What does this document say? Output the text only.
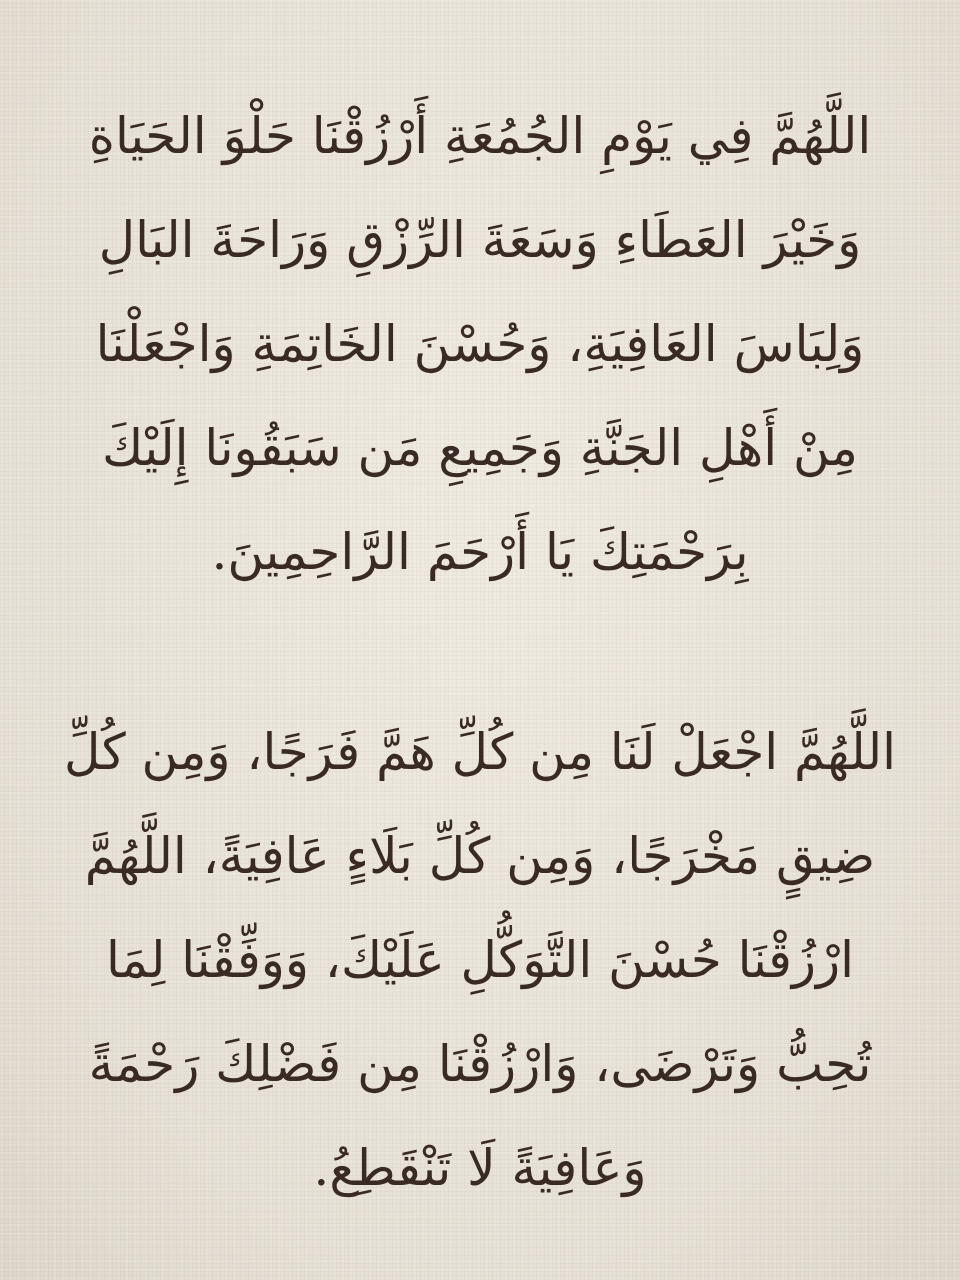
اللَّهُمَّ فِي يَوْمِ الجُمُعَةِ أَرْزُقْنَا حَلْوَ الحَيَاةِ
وَخَيْرَ العَطَاءِ وَسَعَةَ الرِّزْقِ وَرَاحَةَ البَالِ
وَلِبَاسَ العَافِيَةِ، وَحُسْنَ الخَاتِمَةِ وَاجْعَلْنَا
مِنْ أَهْلِ الجَنَّةِ وَجَمِيعِ مَن سَبَقُونَا إِلَيْكَ
بِرَحْمَتِكَ يَا أَرْحَمَ الرَّاحِمِينَ.
اللَّهُمَّ اجْعَلْ لَنَا مِن كُلِّ هَمَّ فَرَجًا، وَمِن كُلِّ
ضِيقٍ مَخْرَجًا، وَمِن كُلِّ بَلَاءٍ عَافِيَةً، اللَّهُمَّ
ارْزُقْنَا حُسْنَ التَّوَكُّلِ عَلَيْكَ، وَوَفِّقْنَا لِمَا
تُحِبُّ وَتَرْضَى، وَارْزُقْنَا مِن فَضْلِكَ رَحْمَةً
وَعَافِيَةً لَا تَنْقَطِعُ.
